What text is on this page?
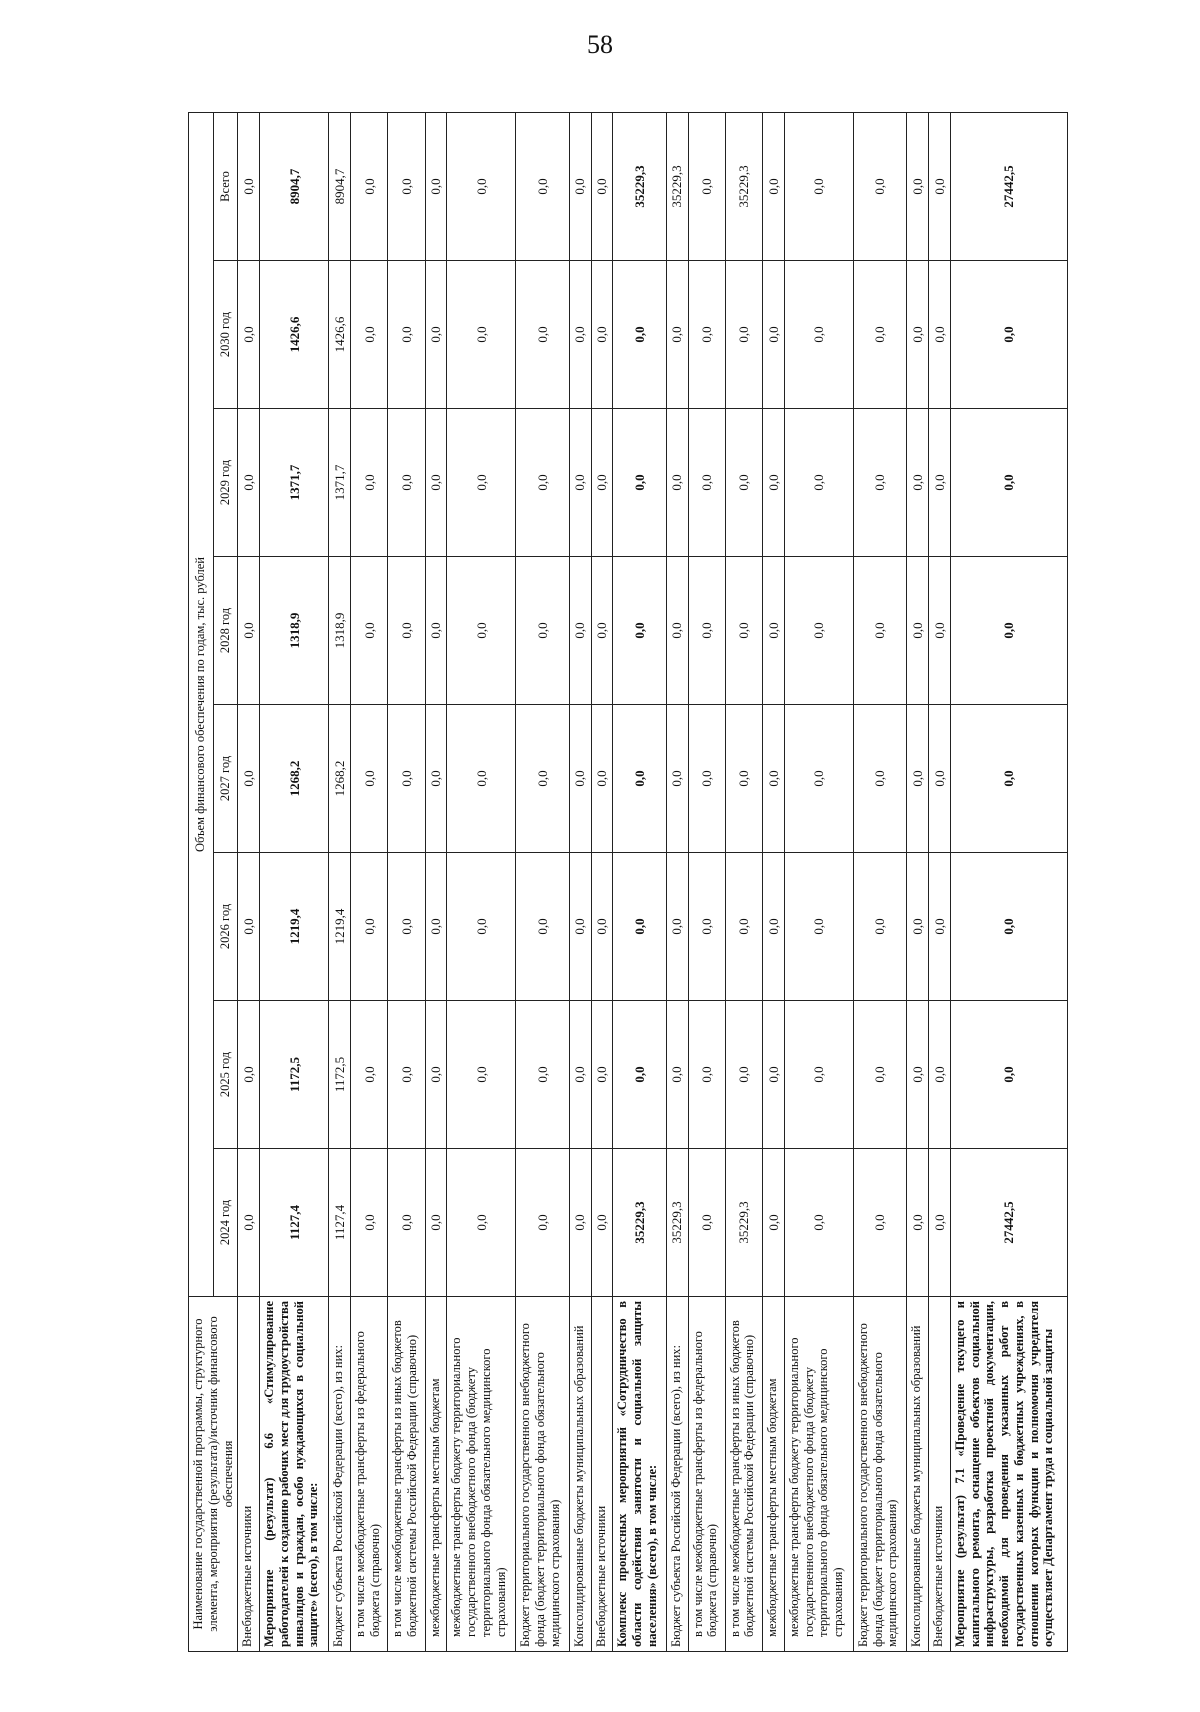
58
Наименование государственной программы, структурного элемента, мероприятия (результата)/источник финансового обеспечения	Объем финансового обеспечения по годам, тыс. рублей							
	2024 год	2025 год	2026 год	2027 год	2028 год	2029 год	2030 год	Всего
Внебюджетные источники	0,0	0,0	0,0	0,0	0,0	0,0	0,0	0,0
Мероприятие (результат) 6.6 «Стимулирование работодателей к созданию рабочих мест для трудоустройства инвалидов и граждан, особо нуждающихся в социальной защите» (всего), в том числе:	1127,4	1172,5	1219,4	1268,2	1318,9	1371,7	1426,6	8904,7
Бюджет субъекта Российской Федерации (всего), из них:	1127,4	1172,5	1219,4	1268,2	1318,9	1371,7	1426,6	8904,7
в том числе межбюджетные трансферты из федерального бюджета (справочно)	0,0	0,0	0,0	0,0	0,0	0,0	0,0	0,0
в том числе межбюджетные трансферты из иных бюджетов бюджетной системы Российской Федерации (справочно)	0,0	0,0	0,0	0,0	0,0	0,0	0,0	0,0
межбюджетные трансферты местным бюджетам	0,0	0,0	0,0	0,0	0,0	0,0	0,0	0,0
межбюджетные трансферты бюджету территориального государственного внебюджетного фонда (бюджету территориального фонда обязательного медицинского страхования)	0,0	0,0	0,0	0,0	0,0	0,0	0,0	0,0
Бюджет территориального государственного внебюджетного фонда (бюджет территориального фонда обязательного медицинского страхования)	0,0	0,0	0,0	0,0	0,0	0,0	0,0	0,0
Консолидированные бюджеты муниципальных образований	0,0	0,0	0,0	0,0	0,0	0,0	0,0	0,0
Внебюджетные источники	0,0	0,0	0,0	0,0	0,0	0,0	0,0	0,0
Комплекс процессных мероприятий «Сотрудничество в области содействия занятости и социальной защиты населения» (всего), в том числе:	35229,3	0,0	0,0	0,0	0,0	0,0	0,0	35229,3
Бюджет субъекта Российской Федерации (всего), из них:	35229,3	0,0	0,0	0,0	0,0	0,0	0,0	35229,3
в том числе межбюджетные трансферты из федерального бюджета (справочно)	0,0	0,0	0,0	0,0	0,0	0,0	0,0	0,0
в том числе межбюджетные трансферты из иных бюджетов бюджетной системы Российской Федерации (справочно)	35229,3	0,0	0,0	0,0	0,0	0,0	0,0	35229,3
межбюджетные трансферты местным бюджетам	0,0	0,0	0,0	0,0	0,0	0,0	0,0	0,0
межбюджетные трансферты бюджету территориального государственного внебюджетного фонда (бюджету территориального фонда обязательного медицинского страхования)	0,0	0,0	0,0	0,0	0,0	0,0	0,0	0,0
Бюджет территориального государственного внебюджетного фонда (бюджет территориального фонда обязательного медицинского страхования)	0,0	0,0	0,0	0,0	0,0	0,0	0,0	0,0
Консолидированные бюджеты муниципальных образований	0,0	0,0	0,0	0,0	0,0	0,0	0,0	0,0
Внебюджетные источники	0,0	0,0	0,0	0,0	0,0	0,0	0,0	0,0
Мероприятие (результат) 7.1 «Проведение текущего и капитального ремонта, оснащение объектов социальной инфраструктуры, разработка проектной документации, необходимой для проведения указанных работ в государственных казенных и бюджетных учреждениях, в отношении которых функции и полномочия учредителя осуществляет Департамент труда и социальной защиты	27442,5	0,0	0,0	0,0	0,0	0,0	0,0	27442,5
